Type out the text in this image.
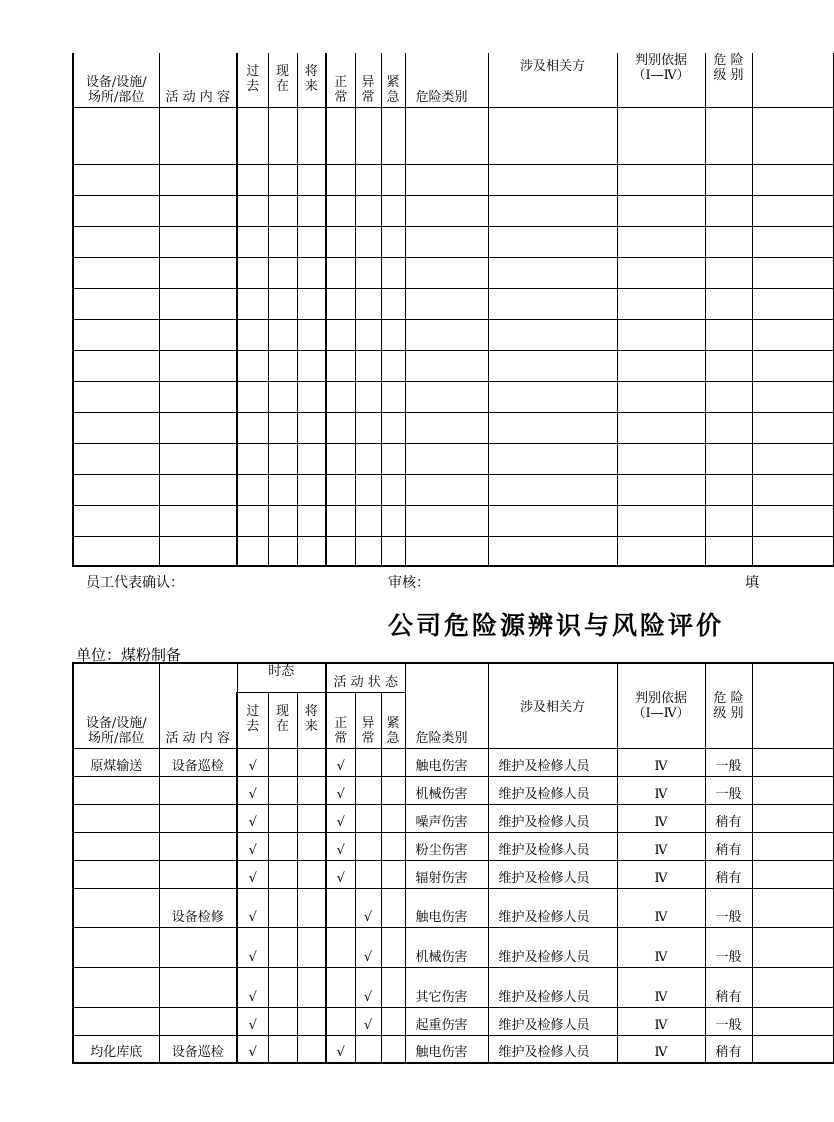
设备/设施/场所/部位	活 动 内 容	过去	现在	将来	正常	异常	紧急	危险类别	涉及相关方	判别依据
（I—Ⅳ）	危 险 级 别	

员工代表确认：	审核：	填
公司危险源辨识与风险评价
单位：煤粉制备
设备/设施/场所/部位	活 动 内 容	时态			活 动 状 态			危险类别	涉及相关方	判别依据
（I—Ⅳ）	危 险 级 别	

		过去	现在	将来	正常	异常	紧急					

原煤输送	设备巡检	√			√			触电伤害	维护及检修人员	Ⅳ	一般	
		√			√			机械伤害	维护及检修人员	Ⅳ	一般	
		√			√			噪声伤害	维护及检修人员	Ⅳ	稍有	
		√			√			粉尘伤害	维护及检修人员	Ⅳ	稍有	
		√			√			辐射伤害	维护及检修人员	Ⅳ	稍有	
	设备检修	√				√		触电伤害	维护及检修人员	Ⅳ	一般	
		√				√		机械伤害	维护及检修人员	Ⅳ	一般	
		√				√		其它伤害	维护及检修人员	Ⅳ	稍有	
		√				√		起重伤害	维护及检修人员	Ⅳ	一般	
均化库底	设备巡检	√			√			触电伤害	维护及检修人员	Ⅳ	稍有	
